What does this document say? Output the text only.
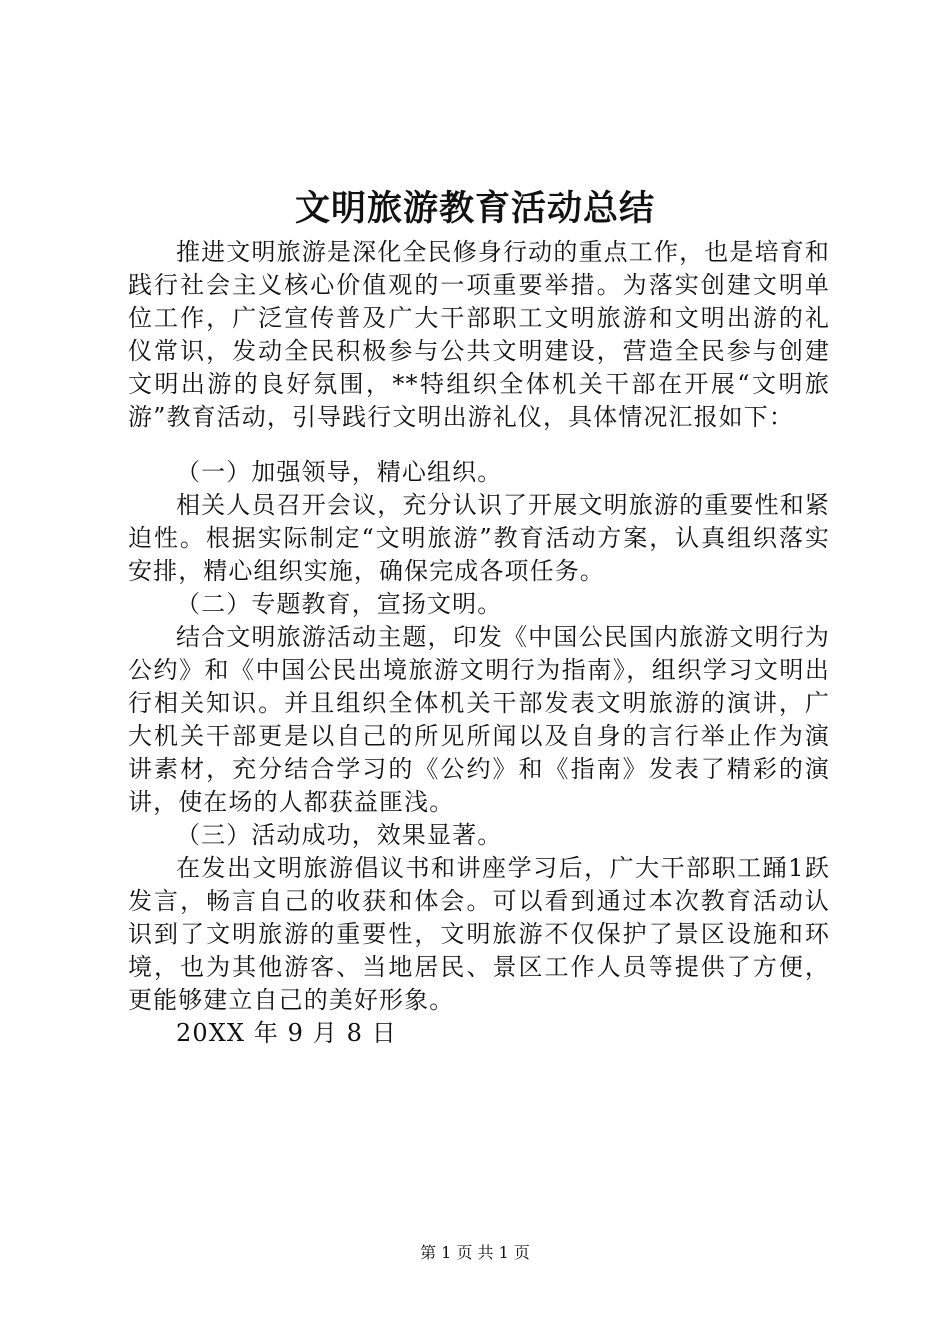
文明旅游教育活动总结

推进文明旅游是深化全民修身行动的重点工作，也是培育和践行社会主义核心价值观的一项重要举措。为落实创建文明单位工作，广泛宣传普及广大干部职工文明旅游和文明出游的礼仪常识，发动全民积极参与公共文明建设，营造全民参与创建文明出游的良好氛围，**特组织全体机关干部在开展“文明旅游”教育活动，引导践行文明出游礼仪，具体情况汇报如下：

（一）加强领导，精心组织。

相关人员召开会议，充分认识了开展文明旅游的重要性和紧迫性。根据实际制定“文明旅游”教育活动方案，认真组织落实安排，精心组织实施，确保完成各项任务。

（二）专题教育，宣扬文明。

结合文明旅游活动主题，印发《中国公民国内旅游文明行为公约》和《中国公民出境旅游文明行为指南》，组织学习文明出行相关知识。并且组织全体机关干部发表文明旅游的演讲，广大机关干部更是以自己的所见所闻以及自身的言行举止作为演讲素材，充分结合学习的《公约》和《指南》发表了精彩的演讲，使在场的人都获益匪浅。

（三）活动成功，效果显著。

在发出文明旅游倡议书和讲座学习后，广大干部职工踊1跃发言，畅言自己的收获和体会。可以看到通过本次教育活动认识到了文明旅游的重要性，文明旅游不仅保护了景区设施和环境，也为其他游客、当地居民、景区工作人员等提供了方便，更能够建立自己的美好形象。

20XX 年 9 月 8 日

第 1 页 共 1 页
